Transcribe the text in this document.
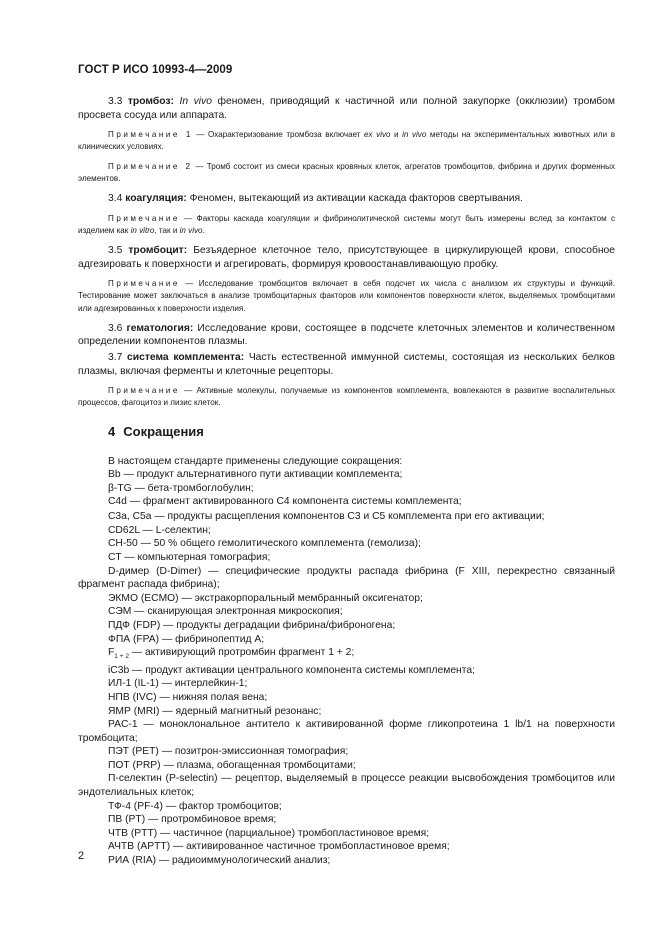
ГОСТ Р ИСО 10993-4—2009

3.3 тромбоз: In vivo феномен, приводящий к частичной или полной закупорке (окклюзии) тромбом просвета сосуда или аппарата.

Примечание 1 — Охарактеризование тромбоза включает ex vivo и in vivo методы на экспериментальных животных или в клинических условиях.

Примечание 2 — Тромб состоит из смеси красных кровяных клеток, агрегатов тромбоцитов, фибрина и других форменных элементов.

3.4 коагуляция: Феномен, вытекающий из активации каскада факторов свертывания.

Примечание — Факторы каскада коагуляции и фибринолитической системы могут быть измерены вслед за контактом с изделием как in vitro, так и in vivo.

3.5 тромбоцит: Безъядерное клеточное тело, присутствующее в циркулирующей крови, способное адгезировать к поверхности и агрегировать, формируя кровоостанавливающую пробку.

Примечание — Исследование тромбоцитов включает в себя подсчет их числа с анализом их структуры и функций. Тестирование может заключаться в анализе тромбоцитарных факторов или компонентов поверхности клеток, выделяемых тромбоцитами или адгезированных к поверхности изделия.

3.6 гематология: Исследование крови, состоящее в подсчете клеточных элементов и количественном определении компонентов плазмы.

3.7 система комплемента: Часть естественной иммунной системы, состоящая из нескольких белков плазмы, включая ферменты и клеточные рецепторы.

Примечание — Активные молекулы, получаемые из компонентов комплемента, вовлекаются в развитие воспалительных процессов, фагоцитоз и лизис клеток.

4 Сокращения

В настоящем стандарте применены следующие сокращения:

Bb — продукт альтернативного пути активации комплемента;

β-TG — бета-тромбоглобулин;

C4d — фрагмент активированного C4 компонента системы комплемента;

C3a, C5a — продукты расщепления компонентов C3 и C5 комплемента при его активации;

CD62L — L-селектин;

CH-50 — 50 % общего гемолитического комплемента (гемолиза);

CT — компьютерная томография;

D-димер (D-Dimer) — специфические продукты распада фибрина (F XIII, перекрестно связанный фрагмент распада фибрина);

ЭКМО (ECMO) — экстракорпоральный мембранный оксигенатор;

СЭМ — сканирующая электронная микроскопия;

ПДФ (FDP) — продукты деградации фибрина/фиброногена;

ФПА (FPA) — фибринопептид А;

$F_{1 + 2}$ — активирующий протромбин фрагмент 1 + 2;

iC3b — продукт активации центрального компонента системы комплемента;

ИЛ-1 (IL-1) — интерлейкин-1;

НПВ (IVC) — нижняя полая вена;

ЯМР (MRI) — ядерный магнитный резонанс;

PAC-1 — моноклональное антитело к активированной форме гликопротеина 1 lb/1 на поверхности тромбоцита;

ПЭТ (PET) — позитрон-эмиссионная томография;

ПОТ (PRP) — плазма, обогащенная тромбоцитами;

П-селектин (P-selectin) — рецептор, выделяемый в процессе реакции высвобождения тромбоцитов или эндотелиальных клеток;

ТФ-4 (PF-4) — фактор тромбоцитов;

ПВ (PT) — протромбиновое время;

ЧТВ (PTT) — частичное (парциальное) тромбопластиновое время;

АЧТВ (APTT) — активированное частичное тромбопластиновое время;

РИА (RIA) — радиоиммунологический анализ;

2
